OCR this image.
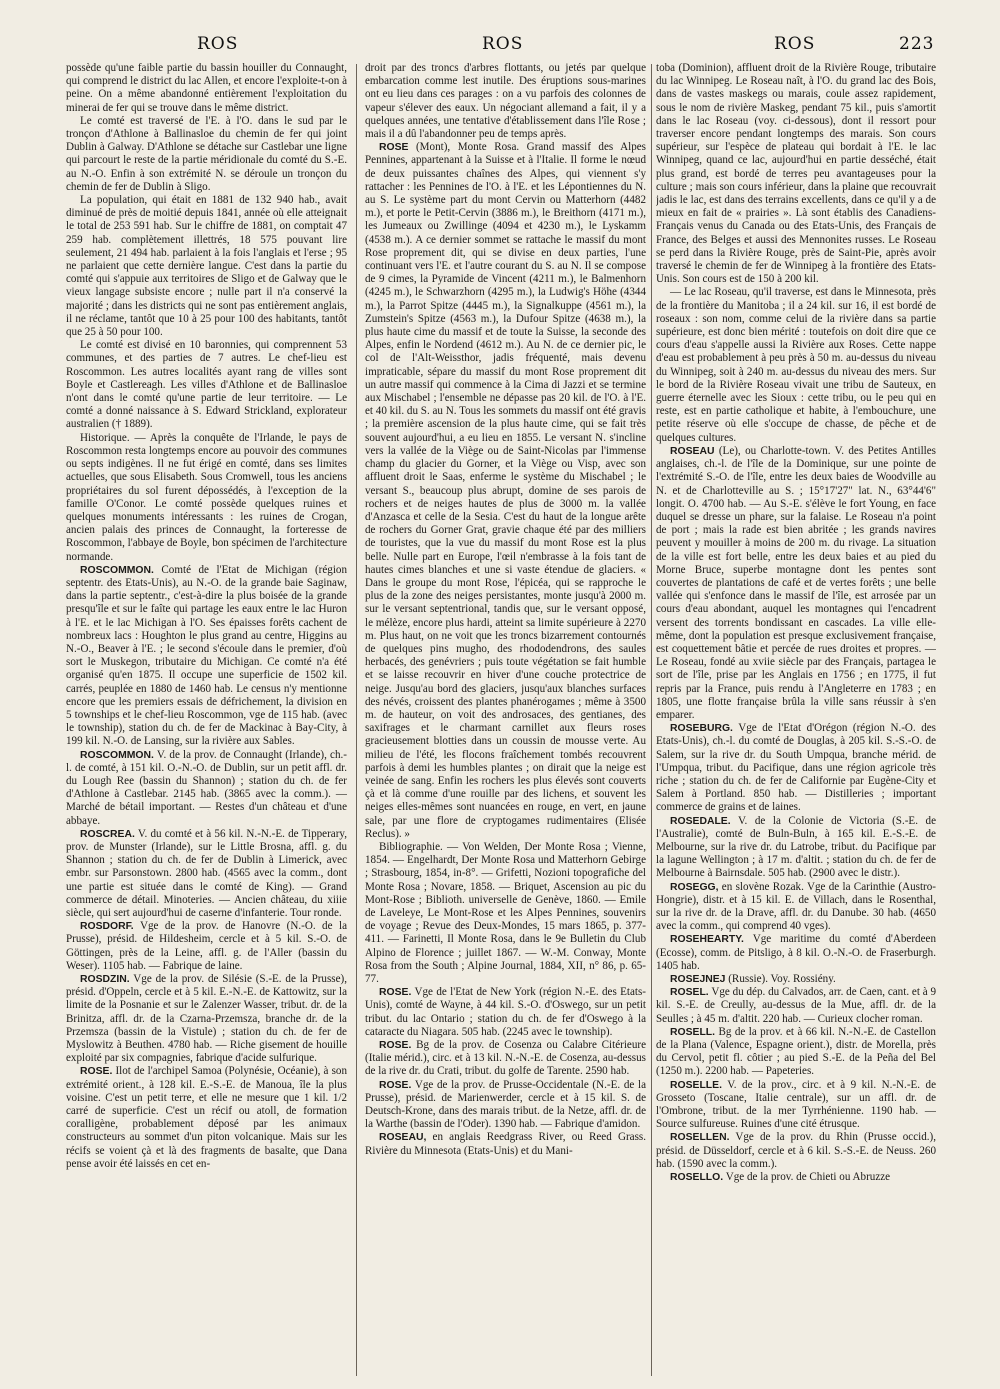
ROS	ROS	ROS	223

possède qu'une faible partie du bassin houiller du Connaught, qui comprend le district du lac Allen, et encore l'exploite-t-on à peine. On a même abandonné entièrement l'exploitation du minerai de fer qui se trouve dans le même district.

Le comté est traversé de l'E. à l'O. dans le sud par le tronçon d'Athlone à Ballinasloe du chemin de fer qui joint Dublin à Galway. D'Athlone se détache sur Castlebar une ligne qui parcourt le reste de la partie méridionale du comté du S.-E. au N.-O. Enfin à son extrémité N. se déroule un tronçon du chemin de fer de Dublin à Sligo.

La population, qui était en 1881 de 132 940 hab., avait diminué de près de moitié depuis 1841, année où elle atteignait le total de 253 591 hab. Sur le chiffre de 1881, on comptait 47 259 hab. complètement illettrés, 18 575 pouvant lire seulement, 21 494 hab. parlaient à la fois l'anglais et l'erse ; 95 ne parlaient que cette dernière langue. C'est dans la partie du comté qui s'appuie aux territoires de Sligo et de Galway que le vieux langage subsiste encore ; nulle part il n'a conservé la majorité ; dans les districts qui ne sont pas entièrement anglais, il ne réclame, tantôt que 10 à 25 pour 100 des habitants, tantôt que 25 à 50 pour 100.

Le comté est divisé en 10 baronnies, qui comprennent 53 communes, et des parties de 7 autres. Le chef-lieu est Roscommon. Les autres localités ayant rang de villes sont Boyle et Castlereagh. Les villes d'Athlone et de Ballinasloe n'ont dans le comté qu'une partie de leur territoire. — Le comté a donné naissance à S. Edward Strickland, explorateur australien († 1889).

Historique. — Après la conquête de l'Irlande, le pays de Roscommon resta longtemps encore au pouvoir des communes ou septs indigènes. Il ne fut érigé en comté, dans ses limites actuelles, que sous Elisabeth. Sous Cromwell, tous les anciens propriétaires du sol furent dépossédés, à l'exception de la famille O'Conor. Le comté possède quelques ruines et quelques monuments intéressants : les ruines de Crogan, ancien palais des princes de Connaught, la forteresse de Roscommon, l'abbaye de Boyle, bon spécimen de l'architecture normande.

ROSCOMMON. Comté de l'Etat de Michigan (région septentr. des Etats-Unis), au N.-O. de la grande baie Saginaw, dans la partie septentr., c'est-à-dire la plus boisée de la grande presqu'île et sur le faîte qui partage les eaux entre le lac Huron à l'E. et le lac Michigan à l'O. Ses épaisses forêts cachent de nombreux lacs : Houghton le plus grand au centre, Higgins au N.-O., Beaver à l'E. ; le second s'écoule dans le premier, d'où sort le Muskegon, tributaire du Michigan. Ce comté n'a été organisé qu'en 1875. Il occupe une superficie de 1502 kil. carrés, peuplée en 1880 de 1460 hab. Le census n'y mentionne encore que les premiers essais de défrichement, la division en 5 townships et le chef-lieu Roscommon, vge de 115 hab. (avec le township), station du ch. de fer de Mackinac à Bay-City, à 199 kil. N.-O. de Lansing, sur la rivière aux Sables.

ROSCOMMON. V. de la prov. de Connaught (Irlande), ch.-l. de comté, à 151 kil. O.-N.-O. de Dublin, sur un petit affl. dr. du Lough Ree (bassin du Shannon) ; station du ch. de fer d'Athlone à Castlebar. 2145 hab. (3865 avec la comm.). — Marché de bétail important. — Restes d'un château et d'une abbaye.

ROSCREA. V. du comté et à 56 kil. N.-N.-E. de Tipperary, prov. de Munster (Irlande), sur le Little Brosna, affl. g. du Shannon ; station du ch. de fer de Dublin à Limerick, avec embr. sur Parsonstown. 2800 hab. (4565 avec la comm., dont une partie est située dans le comté de King). — Grand commerce de détail. Minoteries. — Ancien château, du xiiie siècle, qui sert aujourd'hui de caserne d'infanterie. Tour ronde.

ROSDORF. Vge de la prov. de Hanovre (N.-O. de la Prusse), présid. de Hildesheim, cercle et à 5 kil. S.-O. de Göttingen, près de la Leine, affl. g. de l'Aller (bassin du Weser). 1105 hab. — Fabrique de laine.

ROSDZIN. Vge de la prov. de Silésie (S.-E. de la Prusse), présid. d'Oppeln, cercle et à 5 kil. E.-N.-E. de Kattowitz, sur la limite de la Posnanie et sur le Zalenzer Wasser, tribut. dr. de la Brinitza, affl. dr. de la Czarna-Przemsza, branche dr. de la Przemsza (bassin de la Vistule) ; station du ch. de fer de Myslowitz à Beuthen. 4780 hab. — Riche gisement de houille exploité par six compagnies, fabrique d'acide sulfurique.

ROSE. Ilot de l'archipel Samoa (Polynésie, Océanie), à son extrémité orient., à 128 kil. E.-S.-E. de Manoua, île la plus voisine. C'est un petit terre, et elle ne mesure que 1 kil. 1/2 carré de superficie. C'est un récif ou atoll, de formation coralligène, probablement déposé par les animaux constructeurs au sommet d'un piton volcanique. Mais sur les récifs se voient çà et là des fragments de basalte, que Dana pense avoir été laissés en cet en-

droit par des troncs d'arbres flottants, ou jetés par quelque embarcation comme lest inutile. Des éruptions sous-marines ont eu lieu dans ces parages : on a vu parfois des colonnes de vapeur s'élever des eaux. Un négociant allemand a fait, il y a quelques années, une tentative d'établissement dans l'île Rose ; mais il a dû l'abandonner peu de temps après.

ROSE (Mont), Monte Rosa. Grand massif des Alpes Pennines, appartenant à la Suisse et à l'Italie. Il forme le nœud de deux puissantes chaînes des Alpes, qui viennent s'y rattacher : les Pennines de l'O. à l'E. et les Lépontiennes du N. au S. Le système part du mont Cervin ou Matterhorn (4482 m.), et porte le Petit-Cervin (3886 m.), le Breithorn (4171 m.), les Jumeaux ou Zwillinge (4094 et 4230 m.), le Lyskamm (4538 m.). A ce dernier sommet se rattache le massif du mont Rose proprement dit, qui se divise en deux parties, l'une continuant vers l'E. et l'autre courant du S. au N. Il se compose de 9 cimes, la Pyramide de Vincent (4211 m.), le Balmenhorn (4245 m.), le Schwarzhorn (4295 m.), la Ludwig's Höhe (4344 m.), la Parrot Spitze (4445 m.), la Signalkuppe (4561 m.), la Zumstein's Spitze (4563 m.), la Dufour Spitze (4638 m.), la plus haute cime du massif et de toute la Suisse, la seconde des Alpes, enfin le Nordend (4612 m.). Au N. de ce dernier pic, le col de l'Alt-Weissthor, jadis fréquenté, mais devenu impraticable, sépare du massif du mont Rose proprement dit un autre massif qui commence à la Cima di Jazzi et se termine aux Mischabel ; l'ensemble ne dépasse pas 20 kil. de l'O. à l'E. et 40 kil. du S. au N. Tous les sommets du massif ont été gravis ; la première ascension de la plus haute cime, qui se fait très souvent aujourd'hui, a eu lieu en 1855. Le versant N. s'incline vers la vallée de la Viège ou de Saint-Nicolas par l'immense champ du glacier du Gorner, et la Viège ou Visp, avec son affluent droit le Saas, enferme le système du Mischabel ; le versant S., beaucoup plus abrupt, domine de ses parois de rochers et de neiges hautes de plus de 3000 m. la vallée d'Anzasca et celle de la Sesia. C'est du haut de la longue arête de rochers du Gorner Grat, gravie chaque été par des milliers de touristes, que la vue du massif du mont Rose est la plus belle. Nulle part en Europe, l'œil n'embrasse à la fois tant de hautes cimes blanches et une si vaste étendue de glaciers. « Dans le groupe du mont Rose, l'épicéa, qui se rapproche le plus de la zone des neiges persistantes, monte jusqu'à 2000 m. sur le versant septentrional, tandis que, sur le versant opposé, le mélèze, encore plus hardi, atteint sa limite supérieure à 2270 m. Plus haut, on ne voit que les troncs bizarrement contournés de quelques pins mugho, des rhododendrons, des saules herbacés, des genévriers ; puis toute végétation se fait humble et se laisse recouvrir en hiver d'une couche protectrice de neige. Jusqu'au bord des glaciers, jusqu'aux blanches surfaces des névés, croissent des plantes phanérogames ; même à 3500 m. de hauteur, on voit des androsaces, des gentianes, des saxifrages et le charmant carnillet aux fleurs roses gracieusement blotties dans un coussin de mousse verte. Au milieu de l'été, les flocons fraîchement tombés recouvrent parfois à demi les humbles plantes ; on dirait que la neige est veinée de sang. Enfin les rochers les plus élevés sont couverts çà et là comme d'une rouille par des lichens, et souvent les neiges elles-mêmes sont nuancées en rouge, en vert, en jaune sale, par une flore de cryptogames rudimentaires (Elisée Reclus). »

Bibliographie. — Von Welden, Der Monte Rosa ; Vienne, 1854. — Engelhardt, Der Monte Rosa und Matterhorn Gebirge ; Strasbourg, 1854, in-8°. — Grifetti, Nozioni topografiche del Monte Rosa ; Novare, 1858. — Briquet, Ascension au pic du Mont-Rose ; Biblioth. universelle de Genève, 1860. — Emile de Laveleye, Le Mont-Rose et les Alpes Pennines, souvenirs de voyage ; Revue des Deux-Mondes, 15 mars 1865, p. 377-411. — Farinetti, Il Monte Rosa, dans le 9e Bulletin du Club Alpino de Florence ; juillet 1867. — W.-M. Conway, Monte Rosa from the South ; Alpine Journal, 1884, XII, n° 86, p. 65-77.

ROSE. Vge de l'Etat de New York (région N.-E. des Etats-Unis), comté de Wayne, à 44 kil. S.-O. d'Oswego, sur un petit tribut. du lac Ontario ; station du ch. de fer d'Oswego à la cataracte du Niagara. 505 hab. (2245 avec le township).

ROSE. Bg de la prov. de Cosenza ou Calabre Citérieure (Italie mérid.), circ. et à 13 kil. N.-N.-E. de Cosenza, au-dessus de la rive dr. du Crati, tribut. du golfe de Tarente. 2590 hab.

ROSE. Vge de la prov. de Prusse-Occidentale (N.-E. de la Prusse), présid. de Marienwerder, cercle et à 15 kil. S. de Deutsch-Krone, dans des marais tribut. de la Netze, affl. dr. de la Warthe (bassin de l'Oder). 1390 hab. — Fabrique d'amidon.

ROSEAU, en anglais Reedgrass River, ou Reed Grass. Rivière du Minnesota (Etats-Unis) et du Mani-

toba (Dominion), affluent droit de la Rivière Rouge, tributaire du lac Winnipeg. Le Roseau naît, à l'O. du grand lac des Bois, dans de vastes maskegs ou marais, coule assez rapidement, sous le nom de rivière Maskeg, pendant 75 kil., puis s'amortit dans le lac Roseau (voy. ci-dessous), dont il ressort pour traverser encore pendant longtemps des marais. Son cours supérieur, sur l'espèce de plateau qui bordait à l'E. le lac Winnipeg, quand ce lac, aujourd'hui en partie desséché, était plus grand, est bordé de terres peu avantageuses pour la culture ; mais son cours inférieur, dans la plaine que recouvrait jadis le lac, est dans des terrains excellents, dans ce qu'il y a de mieux en fait de « prairies ». Là sont établis des Canadiens-Français venus du Canada ou des Etats-Unis, des Français de France, des Belges et aussi des Mennonites russes. Le Roseau se perd dans la Rivière Rouge, près de Saint-Pie, après avoir traversé le chemin de fer de Winnipeg à la frontière des Etats-Unis. Son cours est de 150 à 200 kil.

— Le lac Roseau, qu'il traverse, est dans le Minnesota, près de la frontière du Manitoba ; il a 24 kil. sur 16, il est bordé de roseaux : son nom, comme celui de la rivière dans sa partie supérieure, est donc bien mérité : toutefois on doit dire que ce cours d'eau s'appelle aussi la Rivière aux Roses. Cette nappe d'eau est probablement à peu près à 50 m. au-dessus du niveau du Winnipeg, soit à 240 m. au-dessus du niveau des mers. Sur le bord de la Rivière Roseau vivait une tribu de Sauteux, en guerre éternelle avec les Sioux : cette tribu, ou le peu qui en reste, est en partie catholique et habite, à l'embouchure, une petite réserve où elle s'occupe de chasse, de pêche et de quelques cultures.

ROSEAU (Le), ou Charlotte-town. V. des Petites Antilles anglaises, ch.-l. de l'île de la Dominique, sur une pointe de l'extrémité S.-O. de l'île, entre les deux baies de Woodville au N. et de Charlotteville au S. ; 15°17'27" lat. N., 63°44'6" longit. O. 4700 hab. — Au S.-E. s'élève le fort Young, en face duquel se dresse un phare, sur la falaise. Le Roseau n'a point de port ; mais la rade est bien abritée ; les grands navires peuvent y mouiller à moins de 200 m. du rivage. La situation de la ville est fort belle, entre les deux baies et au pied du Morne Bruce, superbe montagne dont les pentes sont couvertes de plantations de café et de vertes forêts ; une belle vallée qui s'enfonce dans le massif de l'île, est arrosée par un cours d'eau abondant, auquel les montagnes qui l'encadrent versent des torrents bondissant en cascades. La ville elle-même, dont la population est presque exclusivement française, est coquettement bâtie et percée de rues droites et propres. — Le Roseau, fondé au xviie siècle par des Français, partagea le sort de l'île, prise par les Anglais en 1756 ; en 1775, il fut repris par la France, puis rendu à l'Angleterre en 1783 ; en 1805, une flotte française brûla la ville sans réussir à s'en emparer.

ROSEBURG. Vge de l'Etat d'Orégon (région N.-O. des Etats-Unis), ch.-l. du comté de Douglas, à 205 kil. S.-S.-O. de Salem, sur la rive dr. du South Umpqua, branche mérid. de l'Umpqua, tribut. du Pacifique, dans une région agricole très riche ; station du ch. de fer de Californie par Eugène-City et Salem à Portland. 850 hab. — Distilleries ; important commerce de grains et de laines.

ROSEDALE. V. de la Colonie de Victoria (S.-E. de l'Australie), comté de Buln-Buln, à 165 kil. E.-S.-E. de Melbourne, sur la rive dr. du Latrobe, tribut. du Pacifique par la lagune Wellington ; à 17 m. d'altit. ; station du ch. de fer de Melbourne à Bairnsdale. 505 hab. (2900 avec le distr.).

ROSEGG, en slovène Rozak. Vge de la Carinthie (Austro-Hongrie), distr. et à 15 kil. E. de Villach, dans le Rosenthal, sur la rive dr. de la Drave, affl. dr. du Danube. 30 hab. (4650 avec la comm., qui comprend 40 vges).

ROSEHEARTY. Vge maritime du comté d'Aberdeen (Ecosse), comm. de Pitsligo, à 8 kil. O.-N.-O. de Fraserburgh. 1405 hab.

ROSEJNEJ (Russie). Voy. Rossiény.

ROSEL. Vge du dép. du Calvados, arr. de Caen, cant. et à 9 kil. S.-E. de Creully, au-dessus de la Mue, affl. dr. de la Seulles ; à 45 m. d'altit. 220 hab. — Curieux clocher roman.

ROSELL. Bg de la prov. et à 66 kil. N.-N.-E. de Castellon de la Plana (Valence, Espagne orient.), distr. de Morella, près du Cervol, petit fl. côtier ; au pied S.-E. de la Peña del Bel (1250 m.). 2200 hab. — Papeteries.

ROSELLE. V. de la prov., circ. et à 9 kil. N.-N.-E. de Grosseto (Toscane, Italie centrale), sur un affl. dr. de l'Ombrone, tribut. de la mer Tyrrhénienne. 1190 hab. — Source sulfureuse. Ruines d'une cité étrusque.

ROSELLEN. Vge de la prov. du Rhin (Prusse occid.), présid. de Düsseldorf, cercle et à 6 kil. S.-S.-E. de Neuss. 260 hab. (1590 avec la comm.).

ROSELLO. Vge de la prov. de Chieti ou Abruzze
